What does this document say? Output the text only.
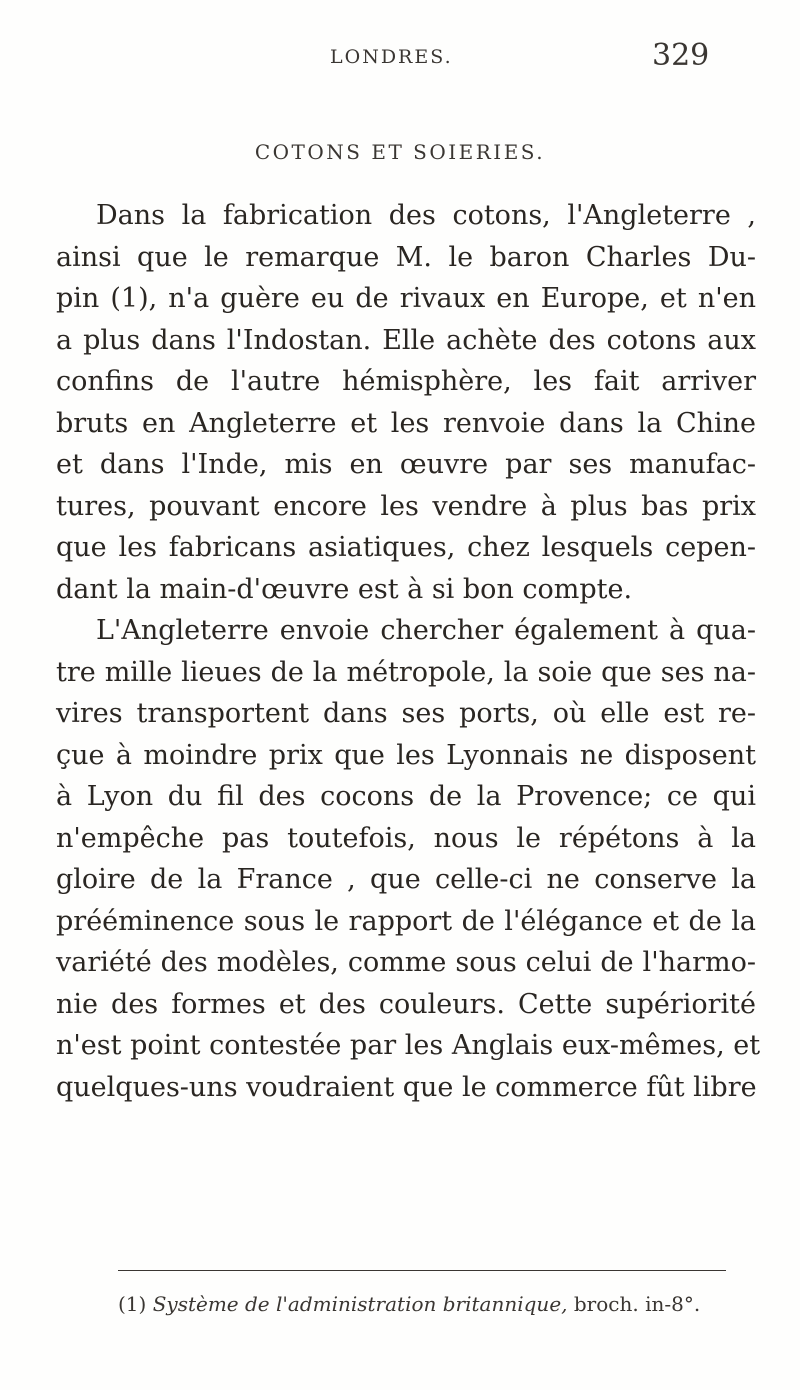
LONDRES.	329
COTONS ET SOIERIES.
Dans la fabrication des cotons, l'Angleterre ,
ainsi que le remarque M. le baron Charles Du-
pin (1), n'a guère eu de rivaux en Europe, et n'en
a plus dans l'Indostan. Elle achète des cotons aux
confins de l'autre hémisphère, les fait arriver
bruts en Angleterre et les renvoie dans la Chine
et dans l'Inde, mis en œuvre par ses manufac-
tures, pouvant encore les vendre à plus bas prix
que les fabricans asiatiques, chez lesquels cepen-
dant la main-d'œuvre est à si bon compte.
L'Angleterre envoie chercher également à qua-
tre mille lieues de la métropole, la soie que ses na-
vires transportent dans ses ports, où elle est re-
çue à moindre prix que les Lyonnais ne disposent
à Lyon du fil des cocons de la Provence; ce qui
n'empêche pas toutefois, nous le répétons à la
gloire de la France , que celle-ci ne conserve la
prééminence sous le rapport de l'élégance et de la
variété des modèles, comme sous celui de l'harmo-
nie des formes et des couleurs. Cette supériorité
n'est point contestée par les Anglais eux-mêmes, et
quelques-uns voudraient que le commerce fût libre
(1) Système de l'administration britannique, broch. in-8°.
